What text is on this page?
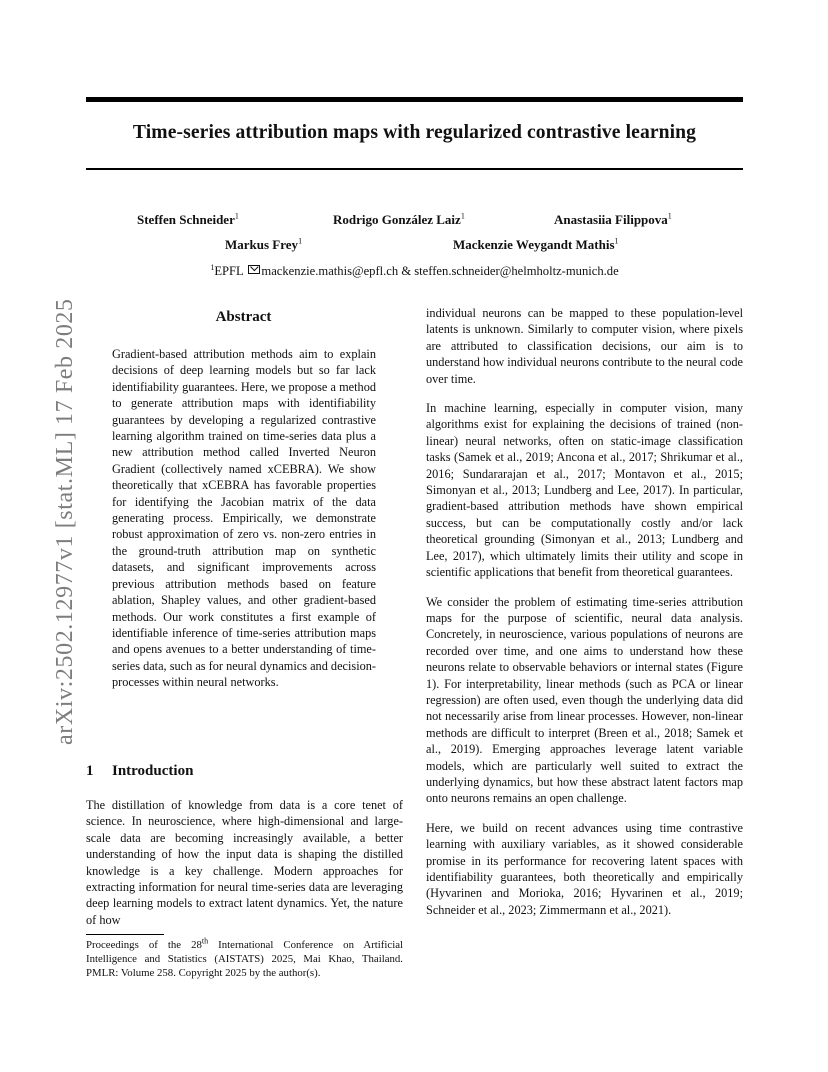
arXiv:2502.12977v1 [stat.ML] 17 Feb 2025
Time-series attribution maps with regularized contrastive learning
Steffen Schneider$^1$	Rodrigo González Laiz$^1$	Anastasiia Filippova$^1$
Markus Frey$^1$	Mackenzie Weygandt Mathis$^1$
$^1$EPFL mackenzie.mathis@epfl.ch & steffen.schneider@helmholtz-munich.de
Abstract
Gradient-based attribution methods aim to explain decisions of deep learning models but so far lack identifiability guarantees. Here, we propose a method to generate attribution maps with identifiability guarantees by developing a regularized contrastive learning algorithm trained on time-series data plus a new attribution method called Inverted Neuron Gradient (collectively named xCEBRA). We show theoretically that xCEBRA has favorable properties for identifying the Jacobian matrix of the data generating process. Empirically, we demonstrate robust approximation of zero vs. non-zero entries in the ground-truth attribution map on synthetic datasets, and significant improvements across previous attribution methods based on feature ablation, Shapley values, and other gradient-based methods. Our work constitutes a first example of identifiable inference of time-series attribution maps and opens avenues to a better understanding of time-series data, such as for neural dynamics and decision-processes within neural networks.
1 Introduction
The distillation of knowledge from data is a core tenet of science. In neuroscience, where high-dimensional and large-scale data are becoming increasingly available, a better understanding of how the input data is shaping the distilled knowledge is a key challenge. Modern approaches for extracting information for neural time-series data are leveraging deep learning models to extract latent dynamics. Yet, the nature of how
Proceedings of the 28th International Conference on Artificial Intelligence and Statistics (AISTATS) 2025, Mai Khao, Thailand. PMLR: Volume 258. Copyright 2025 by the author(s).

individual neurons can be mapped to these population-level latents is unknown. Similarly to computer vision, where pixels are attributed to classification decisions, our aim is to understand how individual neurons contribute to the neural code over time.

In machine learning, especially in computer vision, many algorithms exist for explaining the decisions of trained (non-linear) neural networks, often on static-image classification tasks (Samek et al., 2019; Ancona et al., 2017; Shrikumar et al., 2016; Sundararajan et al., 2017; Montavon et al., 2015; Simonyan et al., 2013; Lundberg and Lee, 2017). In particular, gradient-based attribution methods have shown empirical success, but can be computationally costly and/or lack theoretical grounding (Simonyan et al., 2013; Lundberg and Lee, 2017), which ultimately limits their utility and scope in scientific applications that benefit from theoretical guarantees.

We consider the problem of estimating time-series attribution maps for the purpose of scientific, neural data analysis. Concretely, in neuroscience, various populations of neurons are recorded over time, and one aims to understand how these neurons relate to observable behaviors or internal states (Figure 1). For interpretability, linear methods (such as PCA or linear regression) are often used, even though the underlying data did not necessarily arise from linear processes. However, non-linear methods are difficult to interpret (Breen et al., 2018; Samek et al., 2019). Emerging approaches leverage latent variable models, which are particularly well suited to extract the underlying dynamics, but how these abstract latent factors map onto neurons remains an open challenge.

Here, we build on recent advances using time contrastive learning with auxiliary variables, as it showed considerable promise in its performance for recovering latent spaces with identifiability guarantees, both theoretically and empirically (Hyvarinen and Morioka, 2016; Hyvarinen et al., 2019; Schneider et al., 2023; Zimmermann et al., 2021).
